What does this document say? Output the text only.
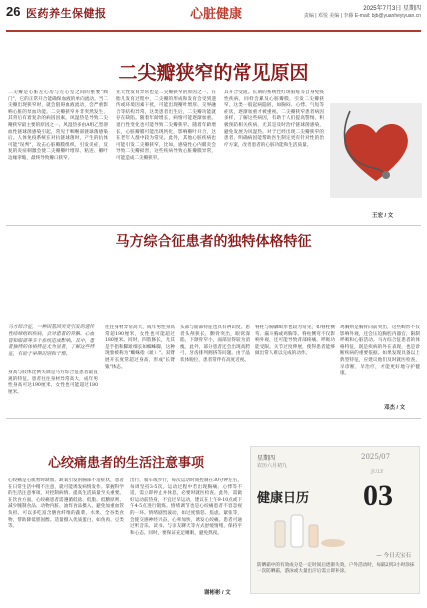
26 医药养生保健报	心脏健康	2025年7月3日 星期四
责编 | 邓悦 美编 | 李藤 E-mail: bjb@yuanheyiyuan.cn
二尖瓣狭窄的常见原因
二尖瓣是心脏左心房与左心室之间的重要"阀门"，它的正常开合能确保血液的单向流动。当二尖瓣出现狭窄时，就会阻碍血液流动，会严重影响心脏的泵血功能。二尖瓣狭窄并非突然发生，其背后有着复杂的病因因素。风湿热是导致二尖瓣狭窄最主要的原因之一。风湿热多由A组乙型溶血性链球菌感染引起，常见于咽喉部链球菌感染后。人体免疫系统在对抗链球菌时，产生的抗体可能"误判"，攻击心脏瓣膜组织，引发炎症，反复的炎症刺激会使二尖瓣瓣叶增厚、粘连、瓣叶边缘挛缩，最终导致瓣口狭窄。
先天性发育异常也是二尖瓣狭窄的原因之一。在胎儿发育过程中，二尖瓣的形成和发育会受到遗传或环境因素干扰，可能出现瓣叶增厚、交界融合等结构异常，这类患者出生后，二尖瓣功能就存在缺陷。随着年龄增长，病情可能逐渐加重。退行性变化也可能导致二尖瓣狭窄。随着年龄增长，心脏瓣膜可能出现钙化，影响瓣叶开合，这在老年人群中较为常见。此外，其他心脏疾病也可能引发二尖瓣狭窄，比如，感染性心内膜炎会导致二尖瓣损害，这些疾病导致心脏瓣膜异常，可能造成二尖瓣狭窄。
其开合受阻。长期的系统性红斑狼疮等自身免疫性疾病，同样会累及心脏瓣膜，引发二尖瓣狭窄。这类一般起病隐匿，如胸闷、心悸、气短等症状，逐渐加重才被重视。二尖瓣狭窄患者病因多样，了解这些病因，有助于人们提高警惕，积极预防相关疾病，尤其是及时治疗链球菌感染，避免发展为风湿热。对于已经出现二尖瓣狭窄的患者，明确病因能帮助医生制定更有针对性的治疗方案，改善患者的心脏功能和生活质量。
王宏 / 文
马方综合征患者的独特体格特征
马方综合征，一种因基因突变引发的遗传性结缔组织疾病，会对患者的骨骼、心血管和眼部等多个系统造成影响。其中，患者独特的体格特征尤为显著，了解这些特征，有助于早期识别和干预。
身高与肢体比例失调是马方综合征患者最直观的特征。患者往往身材异常高大，成年男性身高可达190厘米，女性也可能超过180厘米。
往往身材异常高大，成年男性身高常超190厘米，女性也可能超过180厘米。同时，四肢修长，尤其是手指和脚趾细长如蜘蛛脚，这种现象被称为"蜘蛛指（趾）"。双臂展开长度常超过身高，形成"长臂猿"体态。
头部与面部特征也具有辨识度。患者头颅狭长，颧骨突出，眼窝深陷，下颌骨窄小，面部显得较为消瘦。此外，部分患者还会出现高腭弓、牙齿排列拥挤等问题。由于晶状体脱位，患者常伴有高度近视。
脊柱与胸廓畸形也较为常见，如脊柱侧弯、漏斗胸或鸡胸等。脊柱侧弯不仅影响外观，还可能导致背部疼痛、呼吸功能受限。关节过度伸展，使得患者能够做出常人难以完成的动作。
鸡胸则是胸骨向前突出，这些畸形不仅影响外观，还会压迫胸腔内器官，限制呼吸和心脏活动。马方综合征患者的体格特征，既是疾病的外在表现，也是诊断疾病的重要依据。如果发现具备以上典型特征，应建议他们及时就医检查，早诊断，早治疗，才能更好地守护健康。
邓杰 / 文
心绞痛患者的生活注意事项
心绞痛是心肌暂时缺血、缺氧引发的胸部不适症状，患者在日常生活中稍不注意，就可能诱发病情发作。掌握科学的生活注意事项，对控制病情、提高生活质量至关重要。在饮食方面，心绞痛患者需遵循低盐、低脂、低糖原则，减少腌制食品、动物内脏、油炸食品摄入，避免加重血管负担。可以多吃富含膳食纤维的蔬菜、水果、全谷类食物，帮助降低胆固醇。适量摄入优质蛋白，如鱼肉、豆类等。
出行，骑车或步行，每次运动时间控制在30分钟左右，每周坚持3-5次。运动过程中若出现胸痛、心悸等不适，需立即停止并休息，必要时就医检查。此外，需做好运动前热身，不宜过早运动，建议在上午9-10点或下午4-5点进行锻炼。情绪调节也是心绞痛患者不容忽视的一环。情绪剧烈波动，如过度愤怒、焦虑、紧张等，会使交感神经兴奋，心率加快，诱发心绞痛。患者可通过听音乐、读书、与亲友聊天等方式舒缓情绪，保持平和心态。同时，要保证充足睡眠，避免熬夜。
谢彬彬 / 文
星期四
农历六月初九
2025/07
JULY
03
健康日历
— 今日天宝石
防晒霜中的有效成分是一定时间后逐渐失效，户外活动时，每隔2到3小时涂抹一次防晒霜，游泳或大量出汗后需立即补涂。
